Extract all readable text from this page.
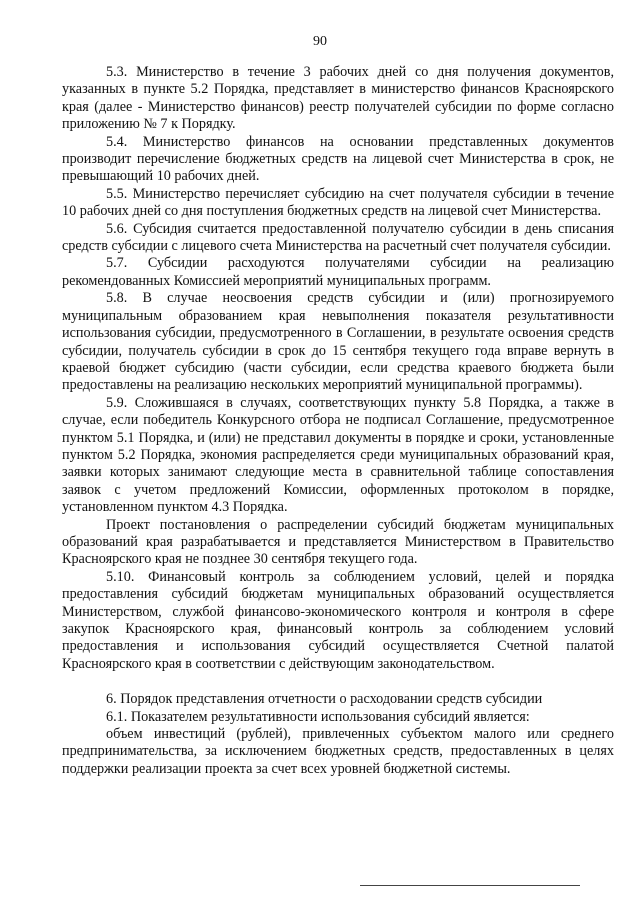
90

5.3. Министерство в течение 3 рабочих дней со дня получения документов, указанных в пункте 5.2 Порядка, представляет в министерство финансов Красноярского края (далее - Министерство финансов) реестр получателей субсидии по форме согласно приложению № 7 к Порядку.

5.4. Министерство финансов на основании представленных документов производит перечисление бюджетных средств на лицевой счет Министерства в срок, не превышающий 10 рабочих дней.

5.5. Министерство перечисляет субсидию на счет получателя субсидии в течение 10 рабочих дней со дня поступления бюджетных средств на лицевой счет Министерства.

5.6. Субсидия считается предоставленной получателю субсидии в день списания средств субсидии с лицевого счета Министерства на расчетный счет получателя субсидии.

5.7. Субсидии расходуются получателями субсидии на реализацию рекомендованных Комиссией мероприятий муниципальных программ.

5.8. В случае неосвоения средств субсидии и (или) прогнозируемого муниципальным образованием края невыполнения показателя результативности использования субсидии, предусмотренного в Соглашении, в результате освоения средств субсидии, получатель субсидии в срок до 15 сентября текущего года вправе вернуть в краевой бюджет субсидию (части субсидии, если средства краевого бюджета были предоставлены на реализацию нескольких мероприятий муниципальной программы).

5.9. Сложившаяся в случаях, соответствующих пункту 5.8 Порядка, а также в случае, если победитель Конкурсного отбора не подписал Соглашение, предусмотренное пунктом 5.1 Порядка, и (или) не представил документы в порядке и сроки, установленные пунктом 5.2 Порядка, экономия распределяется среди муниципальных образований края, заявки которых занимают следующие места в сравнительной таблице сопоставления заявок с учетом предложений Комиссии, оформленных протоколом в порядке, установленном пунктом 4.3 Порядка.

Проект постановления о распределении субсидий бюджетам муниципальных образований края разрабатывается и представляется Министерством в Правительство Красноярского края не позднее 30 сентября текущего года.

5.10. Финансовый контроль за соблюдением условий, целей и порядка предоставления субсидий бюджетам муниципальных образований осуществляется Министерством, службой финансово-экономического контроля и контроля в сфере закупок Красноярского края, финансовый контроль за соблюдением условий предоставления и использования субсидий осуществляется Счетной палатой Красноярского края в соответствии с действующим законодательством.

6. Порядок представления отчетности о расходовании средств субсидии

6.1. Показателем результативности использования субсидий является:

объем инвестиций (рублей), привлеченных субъектом малого или среднего предпринимательства, за исключением бюджетных средств, предоставленных в целях поддержки реализации проекта за счет всех уровней бюджетной системы.
